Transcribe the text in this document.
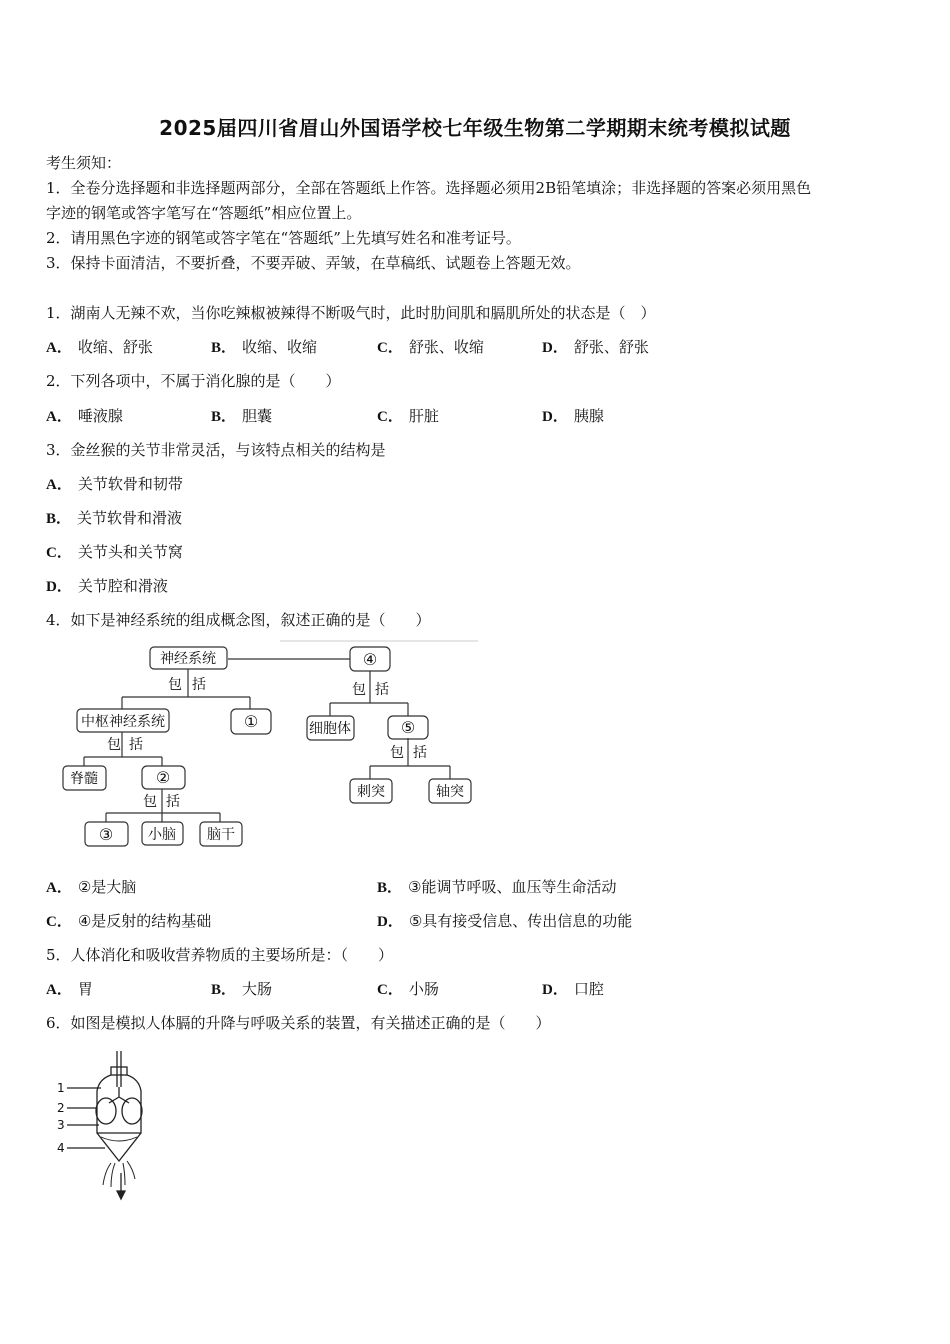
2025届四川省眉山外国语学校七年级生物第二学期期末统考模拟试题
考生须知：
1．全卷分选择题和非选择题两部分，全部在答题纸上作答。选择题必须用2B铅笔填涂；非选择题的答案必须用黑色
字迹的钢笔或答字笔写在“答题纸”相应位置上。
2．请用黑色字迹的钢笔或答字笔在“答题纸”上先填写姓名和准考证号。
3．保持卡面清洁，不要折叠，不要弄破、弄皱，在草稿纸、试题卷上答题无效。
1．湖南人无辣不欢，当你吃辣椒被辣得不断吸气时，此时肋间肌和膈肌所处的状态是（　）
A． 收缩、舒张	B． 收缩、收缩	C． 舒张、收缩	D． 舒张、舒张
2．下列各项中，不属于消化腺的是（　　）
A． 唾液腺	B． 胆囊	C． 肝脏	D． 胰腺
3．金丝猴的关节非常灵活，与该特点相关的结构是
A． 关节软骨和韧带
B． 关节软骨和滑液
C． 关节头和关节窝
D． 关节腔和滑液
4．如下是神经系统的组成概念图，叙述正确的是（　　）
神经系统	④
中枢神经系统	①	细胞体	⑤
脊髓	②
刺突	轴突
③ 小脑 脑干
包 括	包 括
包 括	包 括
包 括
A． ②是大脑	B． ③能调节呼吸、血压等生命活动
C． ④是反射的结构基础	D． ⑤具有接受信息、传出信息的功能
5．人体消化和吸收营养物质的主要场所是：（　　）
A． 胃	B． 大肠	C． 小肠	D． 口腔
6．如图是模拟人体膈的升降与呼吸关系的装置，有关描述正确的是（　　）
1
2
3
4
